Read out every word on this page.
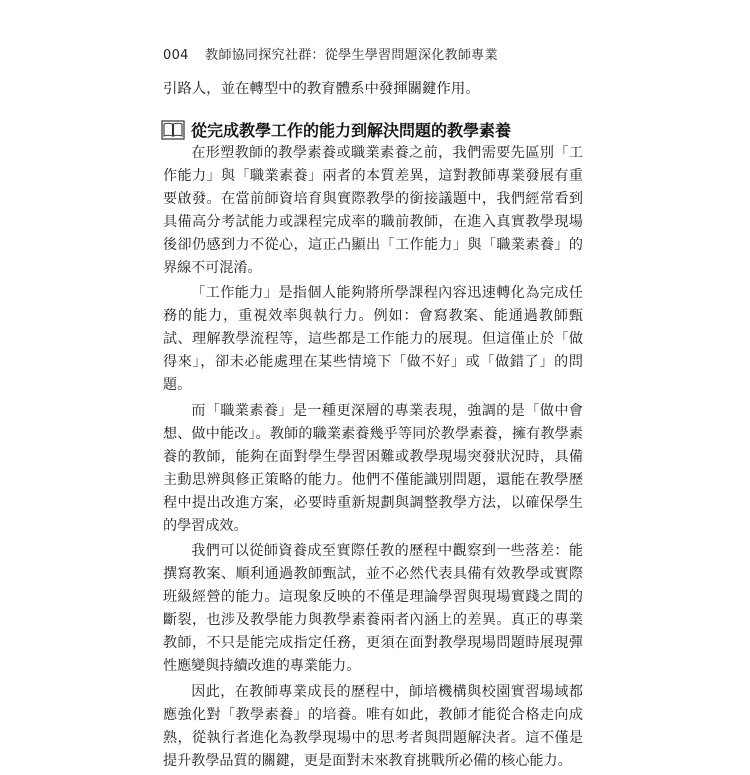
004 教師協同探究社群：從學生學習問題深化教師專業

引路人，並在轉型中的教育體系中發揮關鍵作用。

從完成教學工作的能力到解決問題的教學素養

在形塑教師的教學素養或職業素養之前，我們需要先區別「工作能力」與「職業素養」兩者的本質差異，這對教師專業發展有重要啟發。在當前師資培育與實際教學的銜接議題中，我們經常看到具備高分考試能力或課程完成率的職前教師，在進入真實教學現場後卻仍感到力不從心，這正凸顯出「工作能力」與「職業素養」的界線不可混淆。

「工作能力」是指個人能夠將所學課程內容迅速轉化為完成任務的能力，重視效率與執行力。例如：會寫教案、能通過教師甄試、理解教學流程等，這些都是工作能力的展現。但這僅止於「做得來」，卻未必能處理在某些情境下「做不好」或「做錯了」的問題。

而「職業素養」是一種更深層的專業表現，強調的是「做中會想、做中能改」。教師的職業素養幾乎等同於教學素養，擁有教學素養的教師，能夠在面對學生學習困難或教學現場突發狀況時，具備主動思辨與修正策略的能力。他們不僅能識別問題，還能在教學歷程中提出改進方案，必要時重新規劃與調整教學方法，以確保學生的學習成效。

我們可以從師資養成至實際任教的歷程中觀察到一些落差：能撰寫教案、順利通過教師甄試，並不必然代表具備有效教學或實際班級經營的能力。這現象反映的不僅是理論學習與現場實踐之間的斷裂，也涉及教學能力與教學素養兩者內涵上的差異。真正的專業教師，不只是能完成指定任務，更須在面對教學現場問題時展現彈性應變與持續改進的專業能力。

因此，在教師專業成長的歷程中，師培機構與校園實習場域都應強化對「教學素養」的培養。唯有如此，教師才能從合格走向成熟，從執行者進化為教學現場中的思考者與問題解決者。這不僅是提升教學品質的關鍵，更是面對未來教育挑戰所必備的核心能力。
